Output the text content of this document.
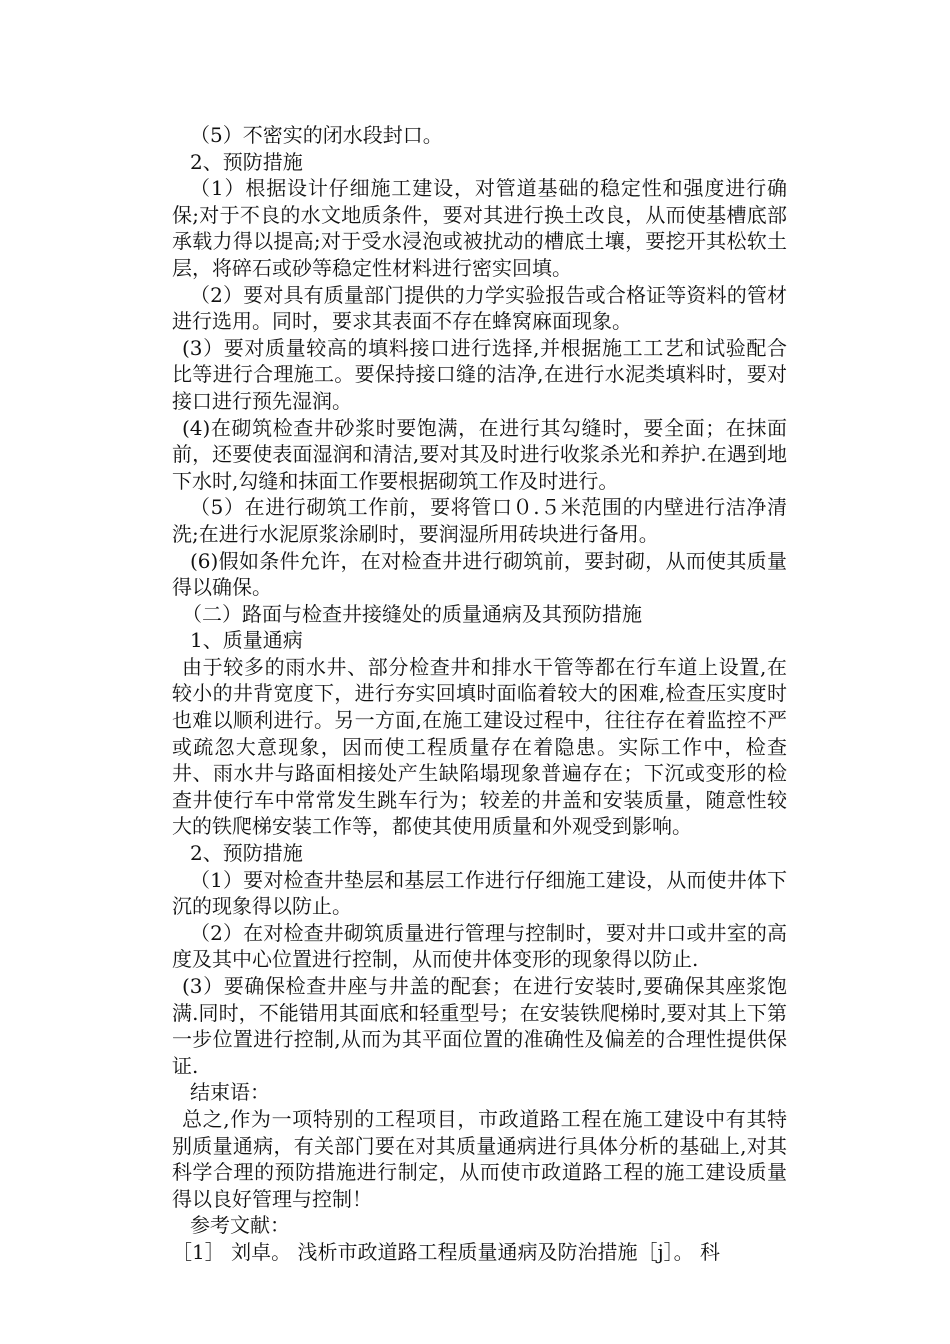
（5）不密实的闭水段封口。

2、预防措施

（1）根据设计仔细施工建设，对管道基础的稳定性和强度进行确保;对于不良的水文地质条件，要对其进行换土改良，从而使基槽底部承载力得以提高;对于受水浸泡或被扰动的槽底土壤，要挖开其松软土层，将碎石或砂等稳定性材料进行密实回填。

（2）要对具有质量部门提供的力学实验报告或合格证等资料的管材进行选用。同时，要求其表面不存在蜂窝麻面现象。

(3）要对质量较高的填料接口进行选择,并根据施工工艺和试验配合比等进行合理施工。要保持接口缝的洁净,在进行水泥类填料时，要对接口进行预先湿润。

(4)在砌筑检查井砂浆时要饱满，在进行其勾缝时，要全面；在抹面前，还要使表面湿润和清洁,要对其及时进行收浆杀光和养护.在遇到地下水时,勾缝和抹面工作要根据砌筑工作及时进行。

（5）在进行砌筑工作前，要将管口０.５米范围的内壁进行洁净清洗;在进行水泥原浆涂刷时，要润湿所用砖块进行备用。

(6)假如条件允许，在对检查井进行砌筑前，要封砌，从而使其质量得以确保。

（二）路面与检查井接缝处的质量通病及其预防措施

1、质量通病

由于较多的雨水井、部分检查井和排水干管等都在行车道上设置,在较小的井背宽度下，进行夯实回填时面临着较大的困难,检查压实度时也难以顺利进行。另一方面,在施工建设过程中，往往存在着监控不严或疏忽大意现象，因而使工程质量存在着隐患。实际工作中，检查井、雨水井与路面相接处产生缺陷塌现象普遍存在；下沉或变形的检查井使行车中常常发生跳车行为；较差的井盖和安装质量，随意性较大的铁爬梯安装工作等，都使其使用质量和外观受到影响。

2、预防措施

（1）要对检查井垫层和基层工作进行仔细施工建设，从而使井体下沉的现象得以防止。

（2）在对检查井砌筑质量进行管理与控制时，要对井口或井室的高度及其中心位置进行控制，从而使井体变形的现象得以防止.

(3）要确保检查井座与井盖的配套；在进行安装时,要确保其座浆饱满.同时，不能错用其面底和轻重型号；在安装铁爬梯时,要对其上下第一步位置进行控制,从而为其平面位置的准确性及偏差的合理性提供保证.

结束语：

总之,作为一项特别的工程项目，市政道路工程在施工建设中有其特别质量通病，有关部门要在对其质量通病进行具体分析的基础上,对其科学合理的预防措施进行制定，从而使市政道路工程的施工建设质量得以良好管理与控制！

参考文献：

［1］ 刘卓。 浅析市政道路工程质量通病及防治措施［j］。 科
